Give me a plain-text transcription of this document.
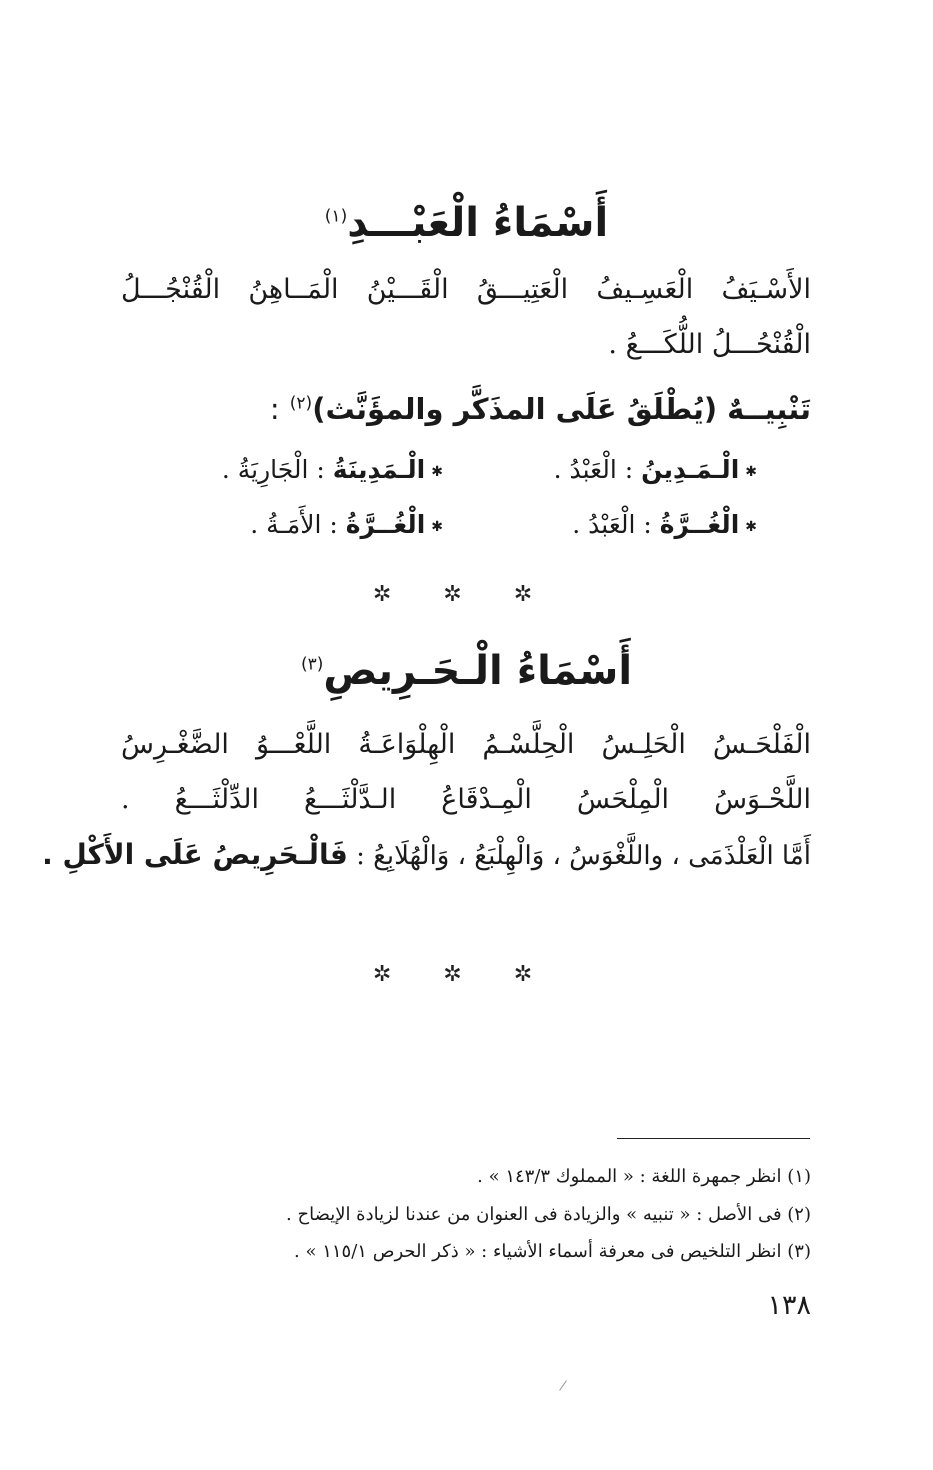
أَسْمَاءُ الْعَبْـــدِ$^{(١)}$
الأَسْـيَفُ الْعَسِـيفُ الْعَتِيـــقُ الْقَـــيْنُ الْمَــاهِنُ الْقُنْجُـــلُ
الْقُنْحُـــلُ اللُّكَـــعُ .
تَنْبِيــهٌ (يُطْلَقُ عَلَى المذَكَّر والمؤَنَّث)$^{(٢)}$ :
✱الْـمَـدِينُ : الْعَبْدُ .
✱الْـمَدِينَةُ : الْجَارِيَةُ .
✱الْغُــرَّةُ : الْعَبْدُ .
✱الْغُــرَّةُ : الأَمَـةُ .
✲ ✲ ✲
أَسْمَاءُ الْـحَـرِيصِ$^{(٣)}$
الْفَلْحَـسُ الْحَلِـسُ الْحِلَّسْـمُ الْهِلْوَاعَـةُ اللَّعْـــوُ الضَّغْـرِسُ
اللَّحْـوَسُ الْمِلْحَسُ الْمِـدْقَاعُ الـدَّلْثَـــعُ الدِّلْثَـــعُ .
أَمَّا الْعَلْذَمَى ، واللَّغْوَسُ ، وَالْهِلْبَعُ ، وَالْهُلَابِعُ : فَالْـحَرِيصُ عَلَى الأَكْلِ .
✲ ✲ ✲
(١) انظر جمهرة اللغة : « المملوك ١٤٣/٣ » .
(٢) فى الأصل : « تنبيه » والزيادة فى العنوان من عندنا لزيادة الإيضاح .
(٣) انظر التلخيص فى معرفة أسماء الأشياء : « ذكر الحرص ١١٥/١ » .
١٣٨
